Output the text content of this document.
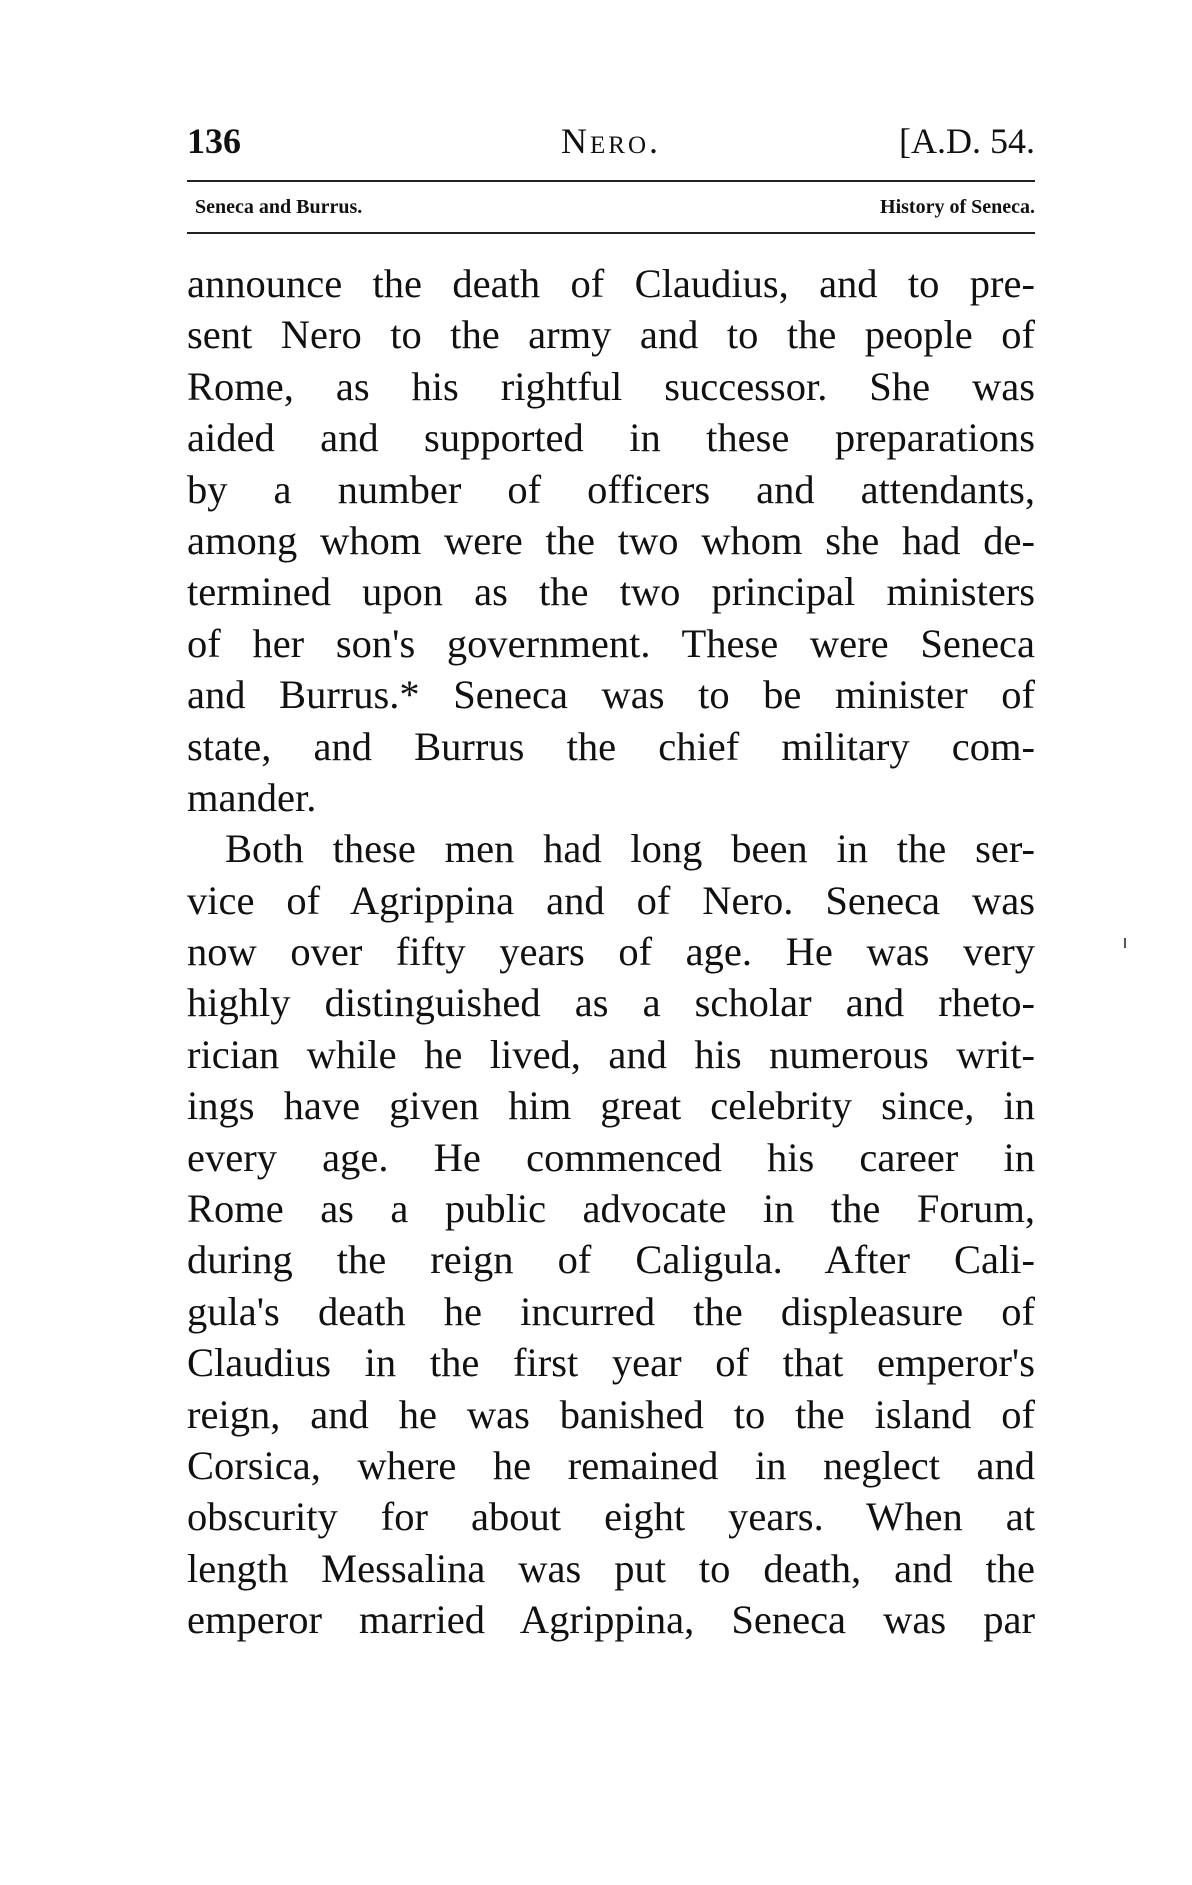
136	Nero.	[A.D. 54.
Seneca and Burrus.	History of Seneca.
announce the death of Claudius, and to pre-
sent Nero to the army and to the people of
Rome, as his rightful successor. She was
aided and supported in these preparations
by a number of officers and attendants,
among whom were the two whom she had de-
termined upon as the two principal ministers
of her son's government. These were Seneca
and Burrus.* Seneca was to be minister of
state, and Burrus the chief military com-
mander.
Both these men had long been in the ser-
vice of Agrippina and of Nero. Seneca was
now over fifty years of age. He was very
highly distinguished as a scholar and rheto-
rician while he lived, and his numerous writ-
ings have given him great celebrity since, in
every age. He commenced his career in
Rome as a public advocate in the Forum,
during the reign of Caligula. After Cali-
gula's death he incurred the displeasure of
Claudius in the first year of that emperor's
reign, and he was banished to the island of
Corsica, where he remained in neglect and
obscurity for about eight years. When at
length Messalina was put to death, and the
emperor married Agrippina, Seneca was par
